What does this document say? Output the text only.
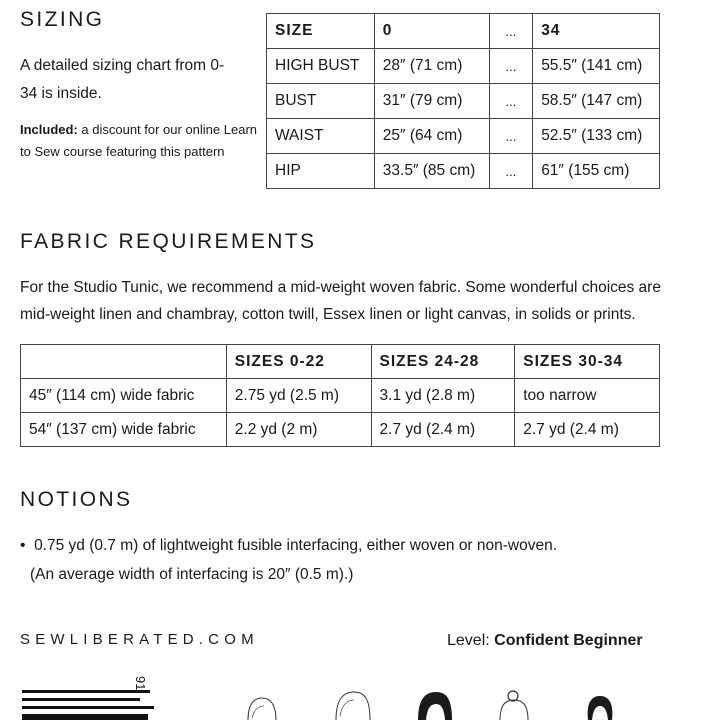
SIZING
A detailed sizing chart from 0-34 is inside.
Included: a discount for our online Learn to Sew course featuring this pattern
SIZE	0	...	34
HIGH BUST	28″ (71 cm)	...	55.5″ (141 cm)
BUST	31″ (79 cm)	...	58.5″ (147 cm)
WAIST	25″ (64 cm)	...	52.5″ (133 cm)
HIP	33.5″ (85 cm)	...	61″ (155 cm)
FABRIC REQUIREMENTS
For the Studio Tunic, we recommend a mid-weight woven fabric. Some wonderful choices are
mid-weight linen and chambray, cotton twill, Essex linen or light canvas, in solids or prints.
	SIZES 0-22	SIZES 24-28	SIZES 30-34
45″ (114 cm) wide fabric	2.75 yd (2.5 m)	3.1 yd (2.8 m)	too narrow
54″ (137 cm) wide fabric	2.2 yd (2 m)	2.7 yd (2.4 m)	2.7 yd (2.4 m)
NOTIONS
• 0.75 yd (0.7 m) of lightweight fusible interfacing, either woven or non-woven.
(An average width of interfacing is 20″ (0.5 m).)
SEWLIBERATED.COM	Level: Confident Beginner
91
